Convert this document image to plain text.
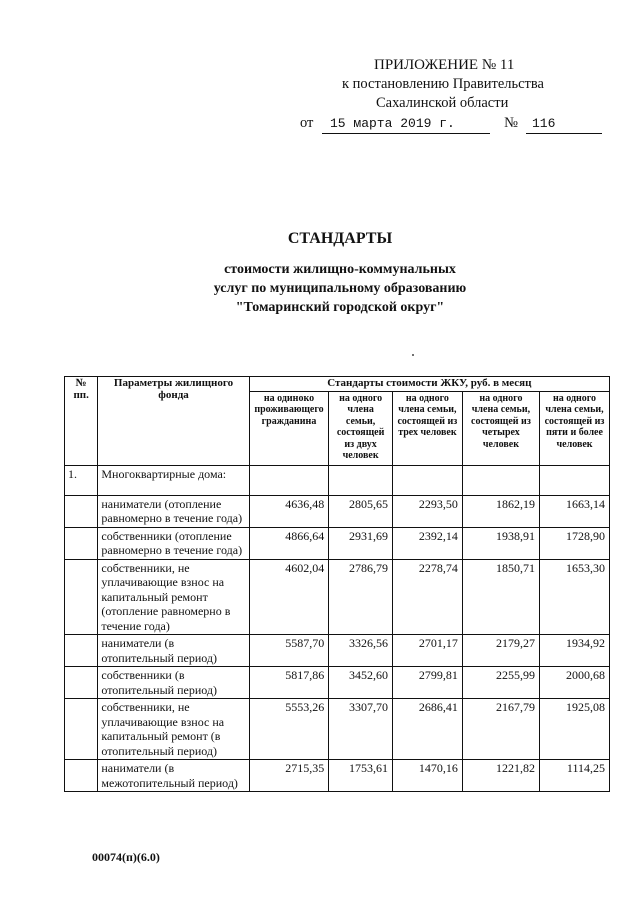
ПРИЛОЖЕНИЕ № 11
к постановлению Правительства
Сахалинской области
от	15 марта 2019 г.	№	116
СТАНДАРТЫ
стоимости жилищно-коммунальных
услуг по муниципальному образованию
"Томаринский городской округ"
№ пп.	Параметры жилищного фонда	Стандарты стоимости ЖКУ, руб. в месяц				
		на одиноко проживающего гражданина	на одного члена семьи, состоящей из двух человек	на одного члена семьи, состоящей из трех человек	на одного члена семьи, состоящей из четырех человек	на одного члена семьи, состоящей из пяти и более человек
1.	Многоквартирные дома:					
	наниматели (отопление равномерно в течение года)	4636,48	2805,65	2293,50	1862,19	1663,14
	собственники (отопление равномерно в течение года)	4866,64	2931,69	2392,14	1938,91	1728,90
	собственники, не уплачивающие взнос на капитальный ремонт (отопление равномерно в течение года)	4602,04	2786,79	2278,74	1850,71	1653,30
	наниматели (в отопительный период)	5587,70	3326,56	2701,17	2179,27	1934,92
	собственники (в отопительный период)	5817,86	3452,60	2799,81	2255,99	2000,68
	собственники, не уплачивающие взнос на капитальный ремонт (в отопительный период)	5553,26	3307,70	2686,41	2167,79	1925,08
	наниматели (в межотопительный период)	2715,35	1753,61	1470,16	1221,82	1114,25
00074(п)(6.0)
